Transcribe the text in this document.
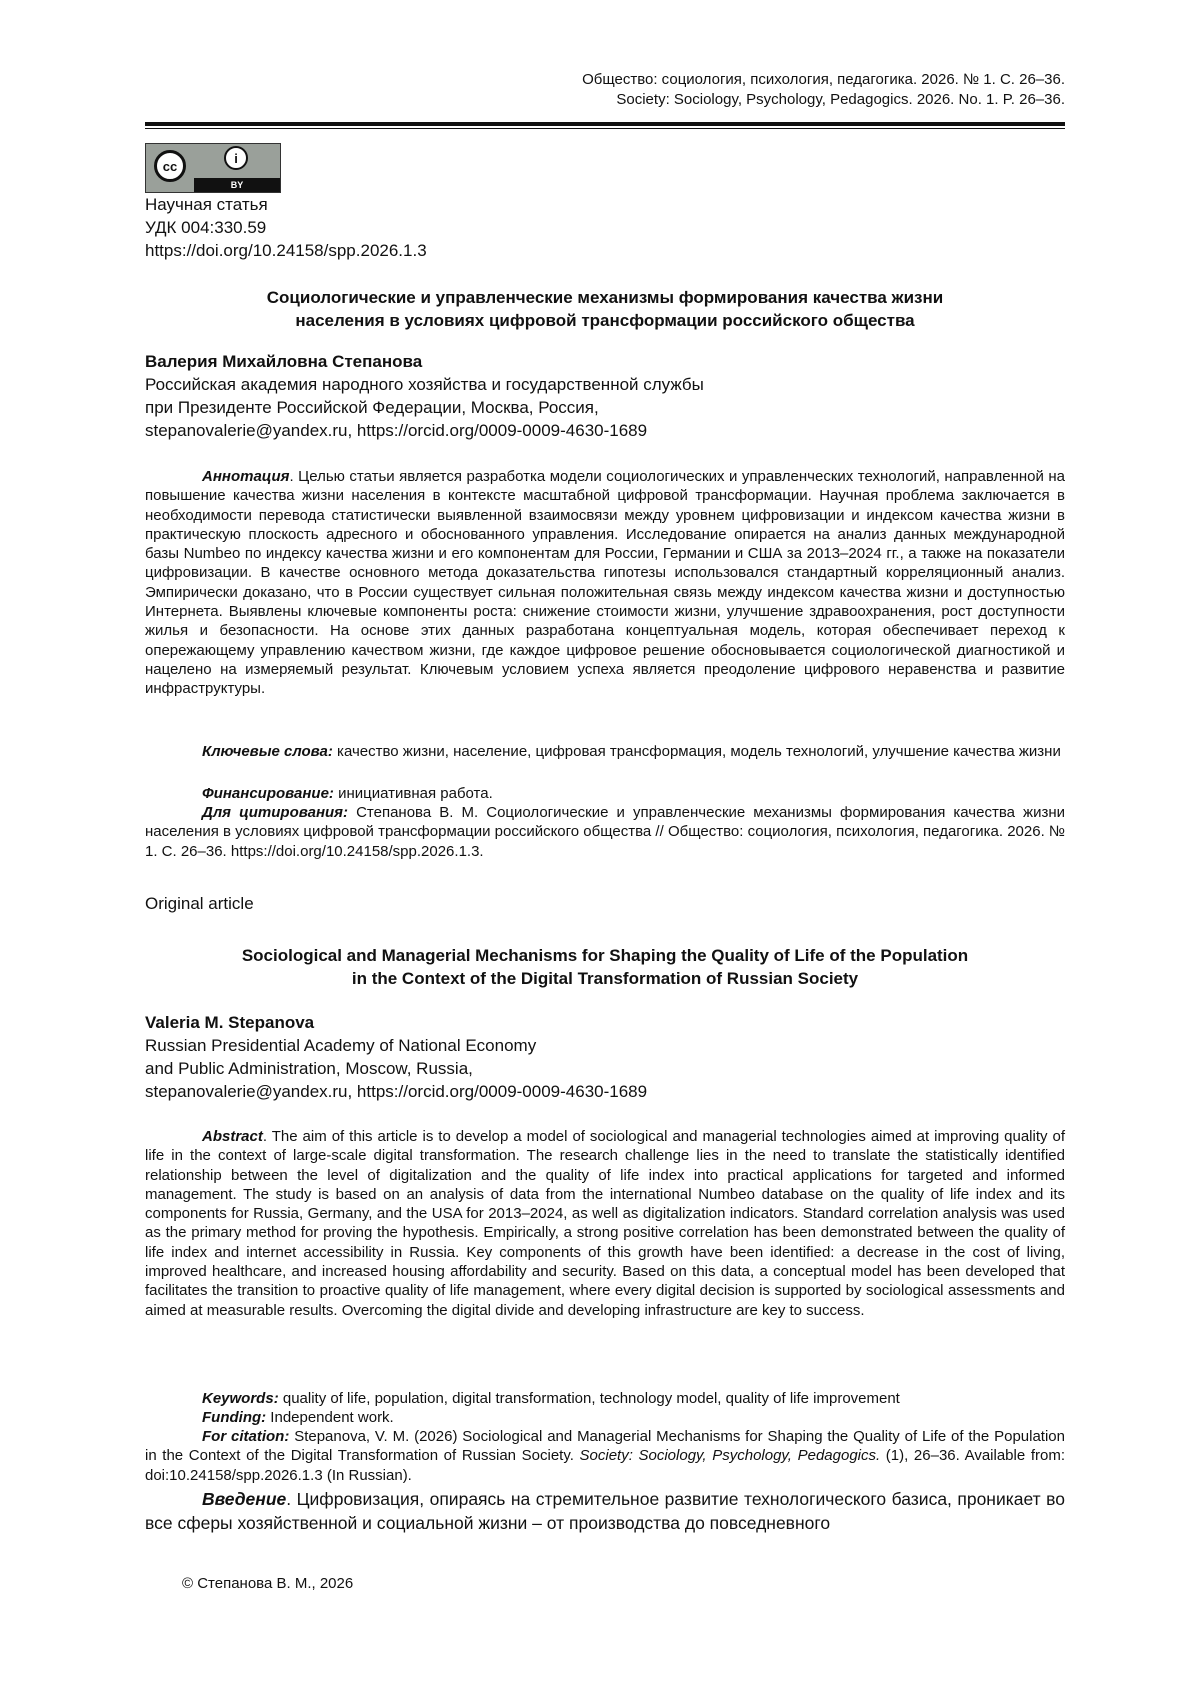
Общество: социология, психология, педагогика. 2026. № 1. С. 26–36.
Society: Sociology, Psychology, Pedagogics. 2026. No. 1. P. 26–36.
cc
i
BY
Научная статья
УДК 004:330.59
https://doi.org/10.24158/spp.2026.1.3
Социологические и управленческие механизмы формирования качества жизни
населения в условиях цифровой трансформации российского общества
Валерия Михайловна Степанова
Российская академия народного хозяйства и государственной службы
при Президенте Российской Федерации, Москва, Россия,
stepanovalerie@yandex.ru, https://orcid.org/0009-0009-4630-1689
Аннотация. Целью статьи является разработка модели социологических и управленческих технологий, направленной на повышение качества жизни населения в контексте масштабной цифровой трансформации. Научная проблема заключается в необходимости перевода статистически выявленной взаимосвязи между уровнем цифровизации и индексом качества жизни в практическую плоскость адресного и обоснованного управления. Исследование опирается на анализ данных международной базы Numbeo по индексу качества жизни и его компонентам для России, Германии и США за 2013–2024 гг., а также на показатели цифровизации. В качестве основного метода доказательства гипотезы использовался стандартный корреляционный анализ. Эмпирически доказано, что в России существует сильная положительная связь между индексом качества жизни и доступностью Интернета. Выявлены ключевые компоненты роста: снижение стоимости жизни, улучшение здравоохранения, рост доступности жилья и безопасности. На основе этих данных разработана концептуальная модель, которая обеспечивает переход к опережающему управлению качеством жизни, где каждое цифровое решение обосновывается социологической диагностикой и нацелено на измеряемый результат. Ключевым условием успеха является преодоление цифрового неравенства и развитие инфраструктуры.
Ключевые слова: качество жизни, население, цифровая трансформация, модель технологий, улучшение качества жизни
Финансирование: инициативная работа.
Для цитирования: Степанова В. М. Социологические и управленческие механизмы формирования качества жизни населения в условиях цифровой трансформации российского общества // Общество: социология, психология, педагогика. 2026. № 1. С. 26–36. https://doi.org/10.24158/spp.2026.1.3.
Original article
Sociological and Managerial Mechanisms for Shaping the Quality of Life of the Population
in the Context of the Digital Transformation of Russian Society
Valeria M. Stepanova
Russian Presidential Academy of National Economy
and Public Administration, Moscow, Russia,
stepanovalerie@yandex.ru, https://orcid.org/0009-0009-4630-1689
Abstract. The aim of this article is to develop a model of sociological and managerial technologies aimed at improving quality of life in the context of large-scale digital transformation. The research challenge lies in the need to translate the statistically identified relationship between the level of digitalization and the quality of life index into practical applications for targeted and informed management. The study is based on an analysis of data from the international Numbeo database on the quality of life index and its components for Russia, Germany, and the USA for 2013–2024, as well as digitalization indicators. Standard correlation analysis was used as the primary method for proving the hypothesis. Empirically, a strong positive correlation has been demonstrated between the quality of life index and internet accessibility in Russia. Key components of this growth have been identified: a decrease in the cost of living, improved healthcare, and increased housing affordability and security. Based on this data, a conceptual model has been developed that facilitates the transition to proactive quality of life management, where every digital decision is supported by sociological assessments and aimed at measurable results. Overcoming the digital divide and developing infrastructure are key to success.
Keywords: quality of life, population, digital transformation, technology model, quality of life improvement
Funding: Independent work.
For citation: Stepanova, V. M. (2026) Sociological and Managerial Mechanisms for Shaping the Quality of Life of the Population in the Context of the Digital Transformation of Russian Society. Society: Sociology, Psychology, Pedagogics. (1), 26–36. Available from: doi:10.24158/spp.2026.1.3 (In Russian).
Введение. Цифровизация, опираясь на стремительное развитие технологического базиса, проникает во все сферы хозяйственной и социальной жизни – от производства до повседневного
© Степанова В. М., 2026
